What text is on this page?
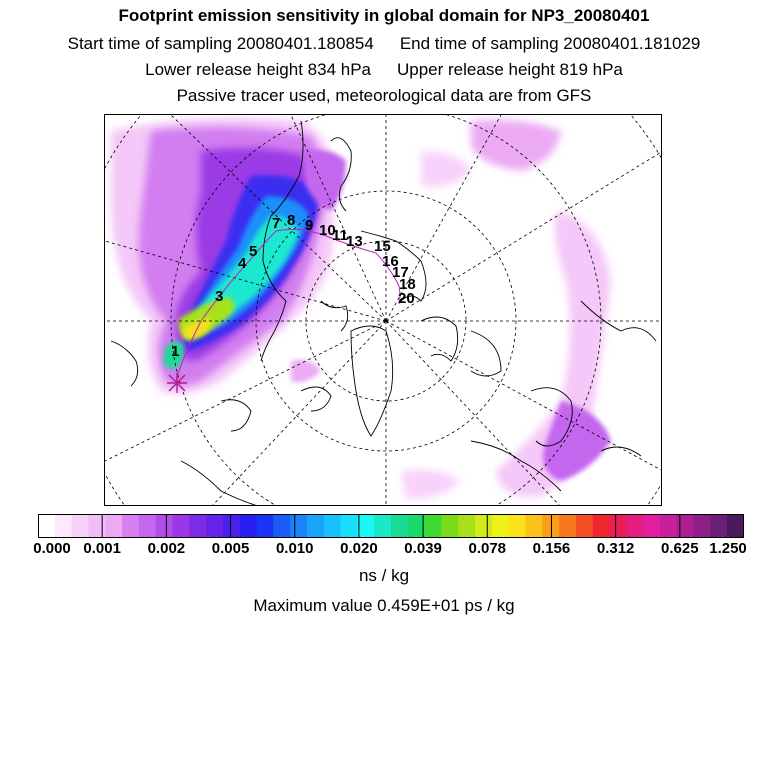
Footprint emission sensitivity in global domain for NP3_20080401
Start time of sampling 20080401.180854 End time of sampling 20080401.181029
Lower release height 834 hPa Upper release height 819 hPa
Passive tracer used, meteorological data are from GFS
1
3
4
5
7 8 9 10
11
13 15
16
17
18
20
0.000 0.001 0.002 0.005 0.010 0.020 0.039 0.078 0.156 0.312 0.625 1.250
ns / kg
Maximum value 0.459E+01 ps / kg
